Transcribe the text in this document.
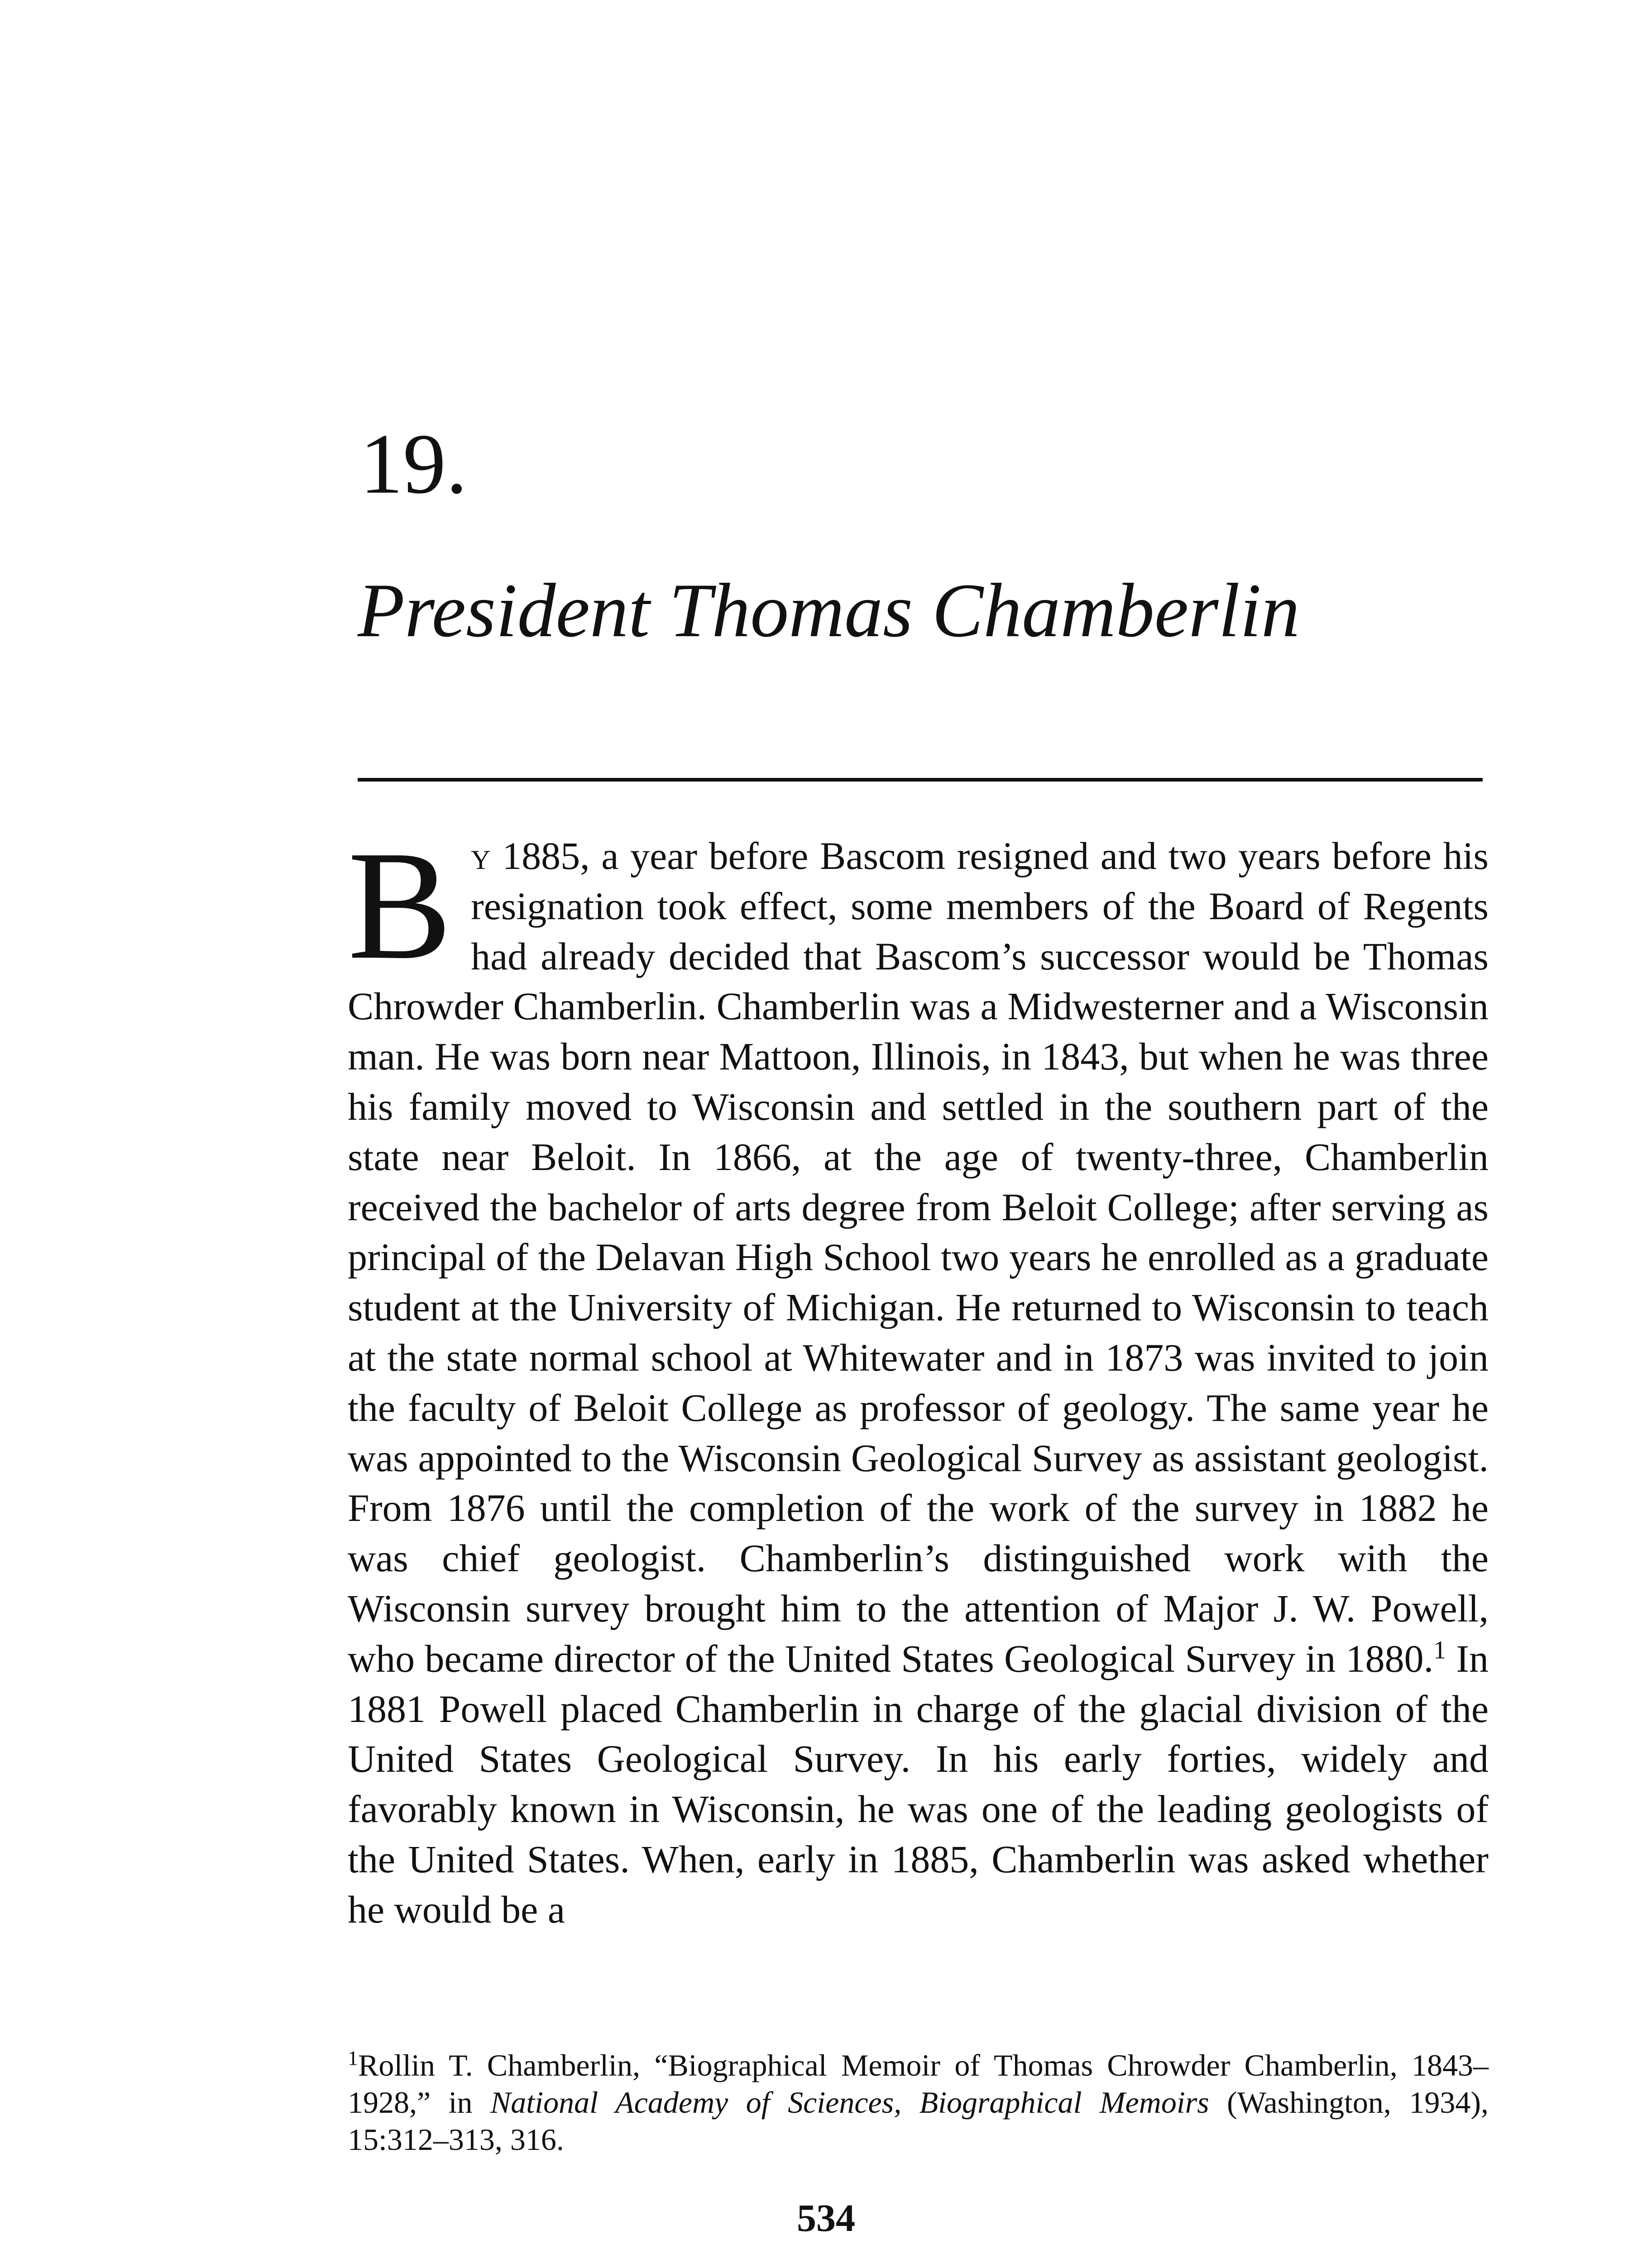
19.
President Thomas Chamberlin

By 1885, a year before Bascom resigned and two years before his resignation took effect, some members of the Board of Regents had already decided that Bascom’s successor would be Thomas Chrowder Chamberlin. Chamberlin was a Midwesterner and a Wisconsin man. He was born near Mattoon, Illinois, in 1843, but when he was three his family moved to Wisconsin and settled in the southern part of the state near Beloit. In 1866, at the age of twenty-three, Chamberlin received the bachelor of arts degree from Beloit College; after serving as principal of the Delavan High School two years he enrolled as a graduate student at the University of Michigan. He returned to Wisconsin to teach at the state normal school at Whitewater and in 1873 was invited to join the faculty of Beloit College as professor of geology. The same year he was appointed to the Wisconsin Geological Survey as assistant geologist. From 1876 until the completion of the work of the survey in 1882 he was chief geologist. Chamberlin’s distinguished work with the Wisconsin survey brought him to the attention of Major J. W. Powell, who became director of the United States Geological Survey in 1880.$^1$ In 1881 Powell placed Chamberlin in charge of the glacial division of the United States Geological Survey. In his early forties, widely and favorably known in Wisconsin, he was one of the leading geologists of the United States. When, early in 1885, Chamberlin was asked whether he would be a

$^1$Rollin T. Chamberlin, “Biographical Memoir of Thomas Chrowder Chamberlin, 1843–1928,” in National Academy of Sciences, Biographical Memoirs (Washington, 1934), 15:312–313, 316.

534
